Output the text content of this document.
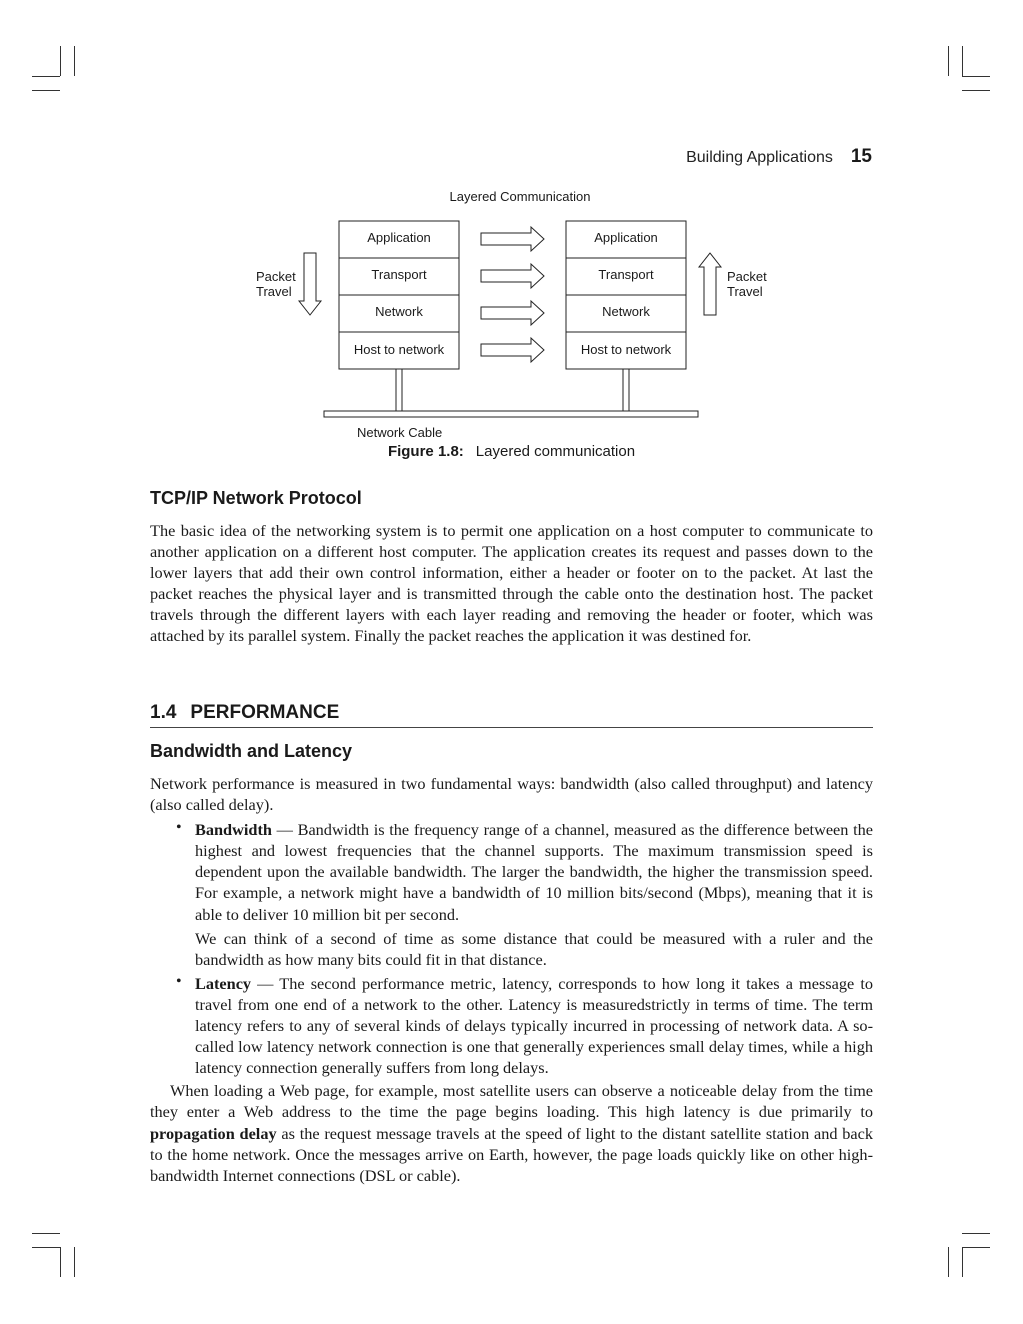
Building Applications 15
Layered Communication
Application
Transport
Network
Host to network
Application
Transport
Network
Host to network
Packet
Travel
Packet
Travel
Network Cable
Figure 1.8: Layered communication
TCP/IP Network Protocol

The basic idea of the networking system is to permit one application on a host computer to communicate to another application on a different host computer. The application creates its request and passes down to the lower layers that add their own control information, either a header or footer on to the packet. At last the packet reaches the physical layer and is transmitted through the cable onto the destination host. The packet travels through the different layers with each layer reading and removing the header or footer, which was attached by its parallel system. Finally the packet reaches the application it was destined for.

1.4 PERFORMANCE
Bandwidth and Latency

Network performance is measured in two fundamental ways: bandwidth (also called throughput) and latency (also called delay).

• Bandwidth — Bandwidth is the frequency range of a channel, measured as the difference between the highest and lowest frequencies that the channel supports. The maximum transmission speed is dependent upon the available bandwidth. The larger the bandwidth, the higher the transmission speed. For example, a network might have a bandwidth of 10 million bits/second (Mbps), meaning that it is able to deliver 10 million bit per second.

We can think of a second of time as some distance that could be measured with a ruler and the bandwidth as how many bits could fit in that distance.

• Latency — The second performance metric, latency, corresponds to how long it takes a message to travel from one end of a network to the other. Latency is measuredstrictly in terms of time. The term latency refers to any of several kinds of delays typically incurred in processing of network data. A so-called low latency network connection is one that generally experiences small delay times, while a high latency connection generally suffers from long delays.

When loading a Web page, for example, most satellite users can observe a noticeable delay from the time they enter a Web address to the time the page begins loading. This high latency is due primarily to propagation delay as the request message travels at the speed of light to the distant satellite station and back to the home network. Once the messages arrive on Earth, however, the page loads quickly like on other high-bandwidth Internet connections (DSL or cable).
